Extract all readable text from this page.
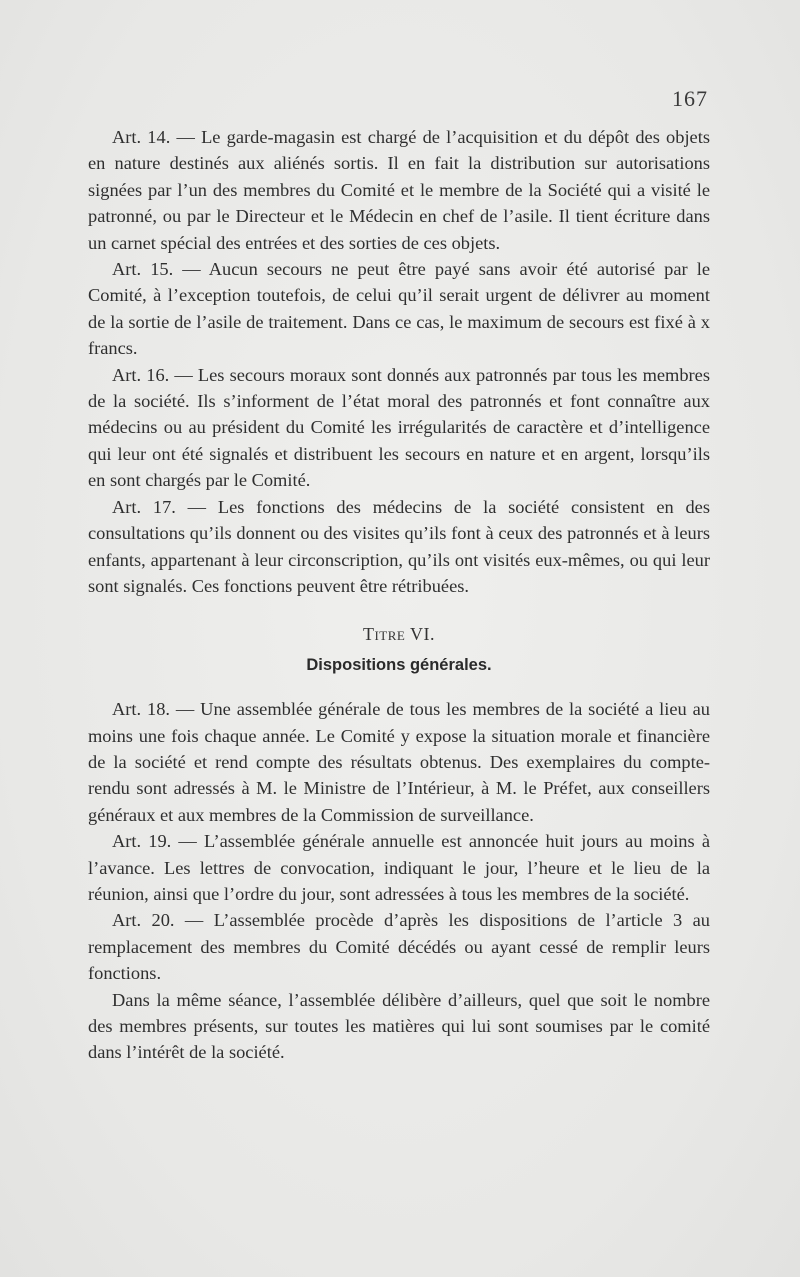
167

Art. 14. — Le garde-magasin est chargé de l’acquisition et du dépôt des objets en nature destinés aux aliénés sortis. Il en fait la distribution sur autorisations signées par l’un des membres du Comité et le membre de la Société qui a visité le patronné, ou par le Directeur et le Médecin en chef de l’asile. Il tient écriture dans un carnet spécial des entrées et des sorties de ces objets.

Art. 15. — Aucun secours ne peut être payé sans avoir été autorisé par le Comité, à l’exception toutefois, de celui qu’il serait urgent de délivrer au moment de la sortie de l’asile de traitement. Dans ce cas, le maximum de secours est fixé à x francs.

Art. 16. — Les secours moraux sont donnés aux patronnés par tous les membres de la société. Ils s’informent de l’état moral des patronnés et font connaître aux médecins ou au président du Comité les irrégularités de caractère et d’intelligence qui leur ont été signalés et distribuent les secours en nature et en argent, lorsqu’ils en sont chargés par le Comité.

Art. 17. — Les fonctions des médecins de la société consistent en des consultations qu’ils donnent ou des visites qu’ils font à ceux des patronnés et à leurs enfants, appartenant à leur circonscription, qu’ils ont visités eux-mêmes, ou qui leur sont signalés. Ces fonctions peuvent être rétribuées.

Titre VI.
Dispositions générales.

Art. 18. — Une assemblée générale de tous les membres de la société a lieu au moins une fois chaque année. Le Comité y expose la situation morale et financière de la société et rend compte des résultats obtenus. Des exemplaires du compte-rendu sont adressés à M. le Ministre de l’Intérieur, à M. le Préfet, aux conseillers généraux et aux membres de la Commission de surveillance.

Art. 19. — L’assemblée générale annuelle est annoncée huit jours au moins à l’avance. Les lettres de convocation, indiquant le jour, l’heure et le lieu de la réunion, ainsi que l’ordre du jour, sont adressées à tous les membres de la société.

Art. 20. — L’assemblée procède d’après les dispositions de l’article 3 au remplacement des membres du Comité décédés ou ayant cessé de remplir leurs fonctions.

Dans la même séance, l’assemblée délibère d’ailleurs, quel que soit le nombre des membres présents, sur toutes les matières qui lui sont soumises par le comité dans l’intérêt de la société.
